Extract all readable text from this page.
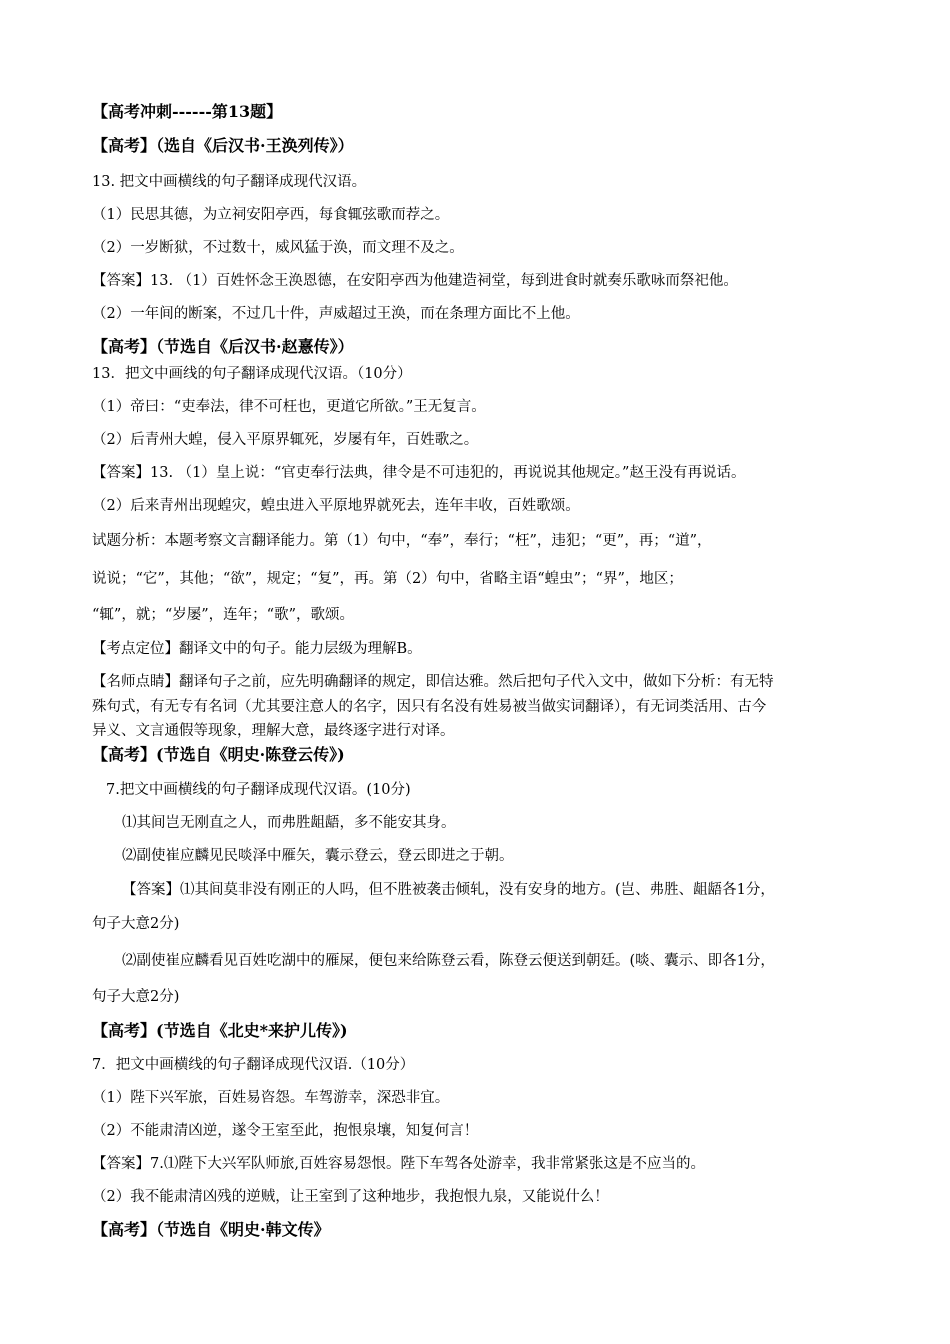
【高考冲刺------第13题】
【高考】（选自《后汉书·王涣列传》）
13. 把文中画横线的句子翻译成现代汉语。
（1）民思其德，为立祠安阳亭西，每食辄弦歌而荐之。
（2）一岁断狱，不过数十，威风猛于涣，而文理不及之。
【答案】13. （1）百姓怀念王涣恩德，在安阳亭西为他建造祠堂，每到进食时就奏乐歌咏而祭祀他。
（2）一年间的断案，不过几十件，声威超过王涣，而在条理方面比不上他。
【高考】（节选自《后汉书·赵憙传》）
13．把文中画线的句子翻译成现代汉语。（10分）
（1）帝曰：“吏奉法，律不可枉也，更道它所欲。”王无复言。
（2）后青州大蝗，侵入平原界辄死，岁屡有年，百姓歌之。
【答案】13. （1）皇上说：“官吏奉行法典，律令是不可违犯的，再说说其他规定。”赵王没有再说话。
（2）后来青州出现蝗灾，蝗虫进入平原地界就死去，连年丰收，百姓歌颂。
试题分析：本题考察文言翻译能力。第（1）句中，“奉”，奉行；“枉”，违犯；“更”，再；“道”，
说说；“它”，其他；“欲”，规定；“复”，再。第（2）句中，省略主语“蝗虫”；“界”，地区；
“辄”，就；“岁屡”，连年；“歌”，歌颂。
【考点定位】翻译文中的句子。能力层级为理解B。
【名师点睛】翻译句子之前，应先明确翻译的规定，即信达雅。然后把句子代入文中，做如下分析：有无特
殊句式，有无专有名词（尤其要注意人的名字，因只有名没有姓易被当做实词翻译），有无词类活用、古今
异义、文言通假等现象，理解大意，最终逐字进行对译。
【高考】(节选自《明史·陈登云传》)
7.把文中画横线的句子翻译成现代汉语。(10分)
⑴其间岂无刚直之人，而弗胜龃龉，多不能安其身。
⑵副使崔应麟见民啖泽中雁矢，囊示登云，登云即进之于朝。
【答案】⑴其间莫非没有刚正的人吗，但不胜被袭击倾轧，没有安身的地方。(岂、弗胜、龃龉各1分，
句子大意2分)
⑵副使崔应麟看见百姓吃湖中的雁屎，便包来给陈登云看，陈登云便送到朝廷。(啖、囊示、即各1分，
句子大意2分)
【高考】(节选自《北史*来护儿传》)
7．把文中画横线的句子翻译成现代汉语.（10分）
（1）陛下兴军旅，百姓易咨怨。车驾游幸，深恐非宜。
（2）不能肃清凶逆，遂令王室至此，抱恨泉壤，知复何言！
【答案】7.⑴陛下大兴军队师旅,百姓容易怨恨。陛下车驾各处游幸，我非常紧张这是不应当的。
（2）我不能肃清凶残的逆贼，让王室到了这种地步，我抱恨九泉，又能说什么！
【高考】（节选自《明史·韩文传》
